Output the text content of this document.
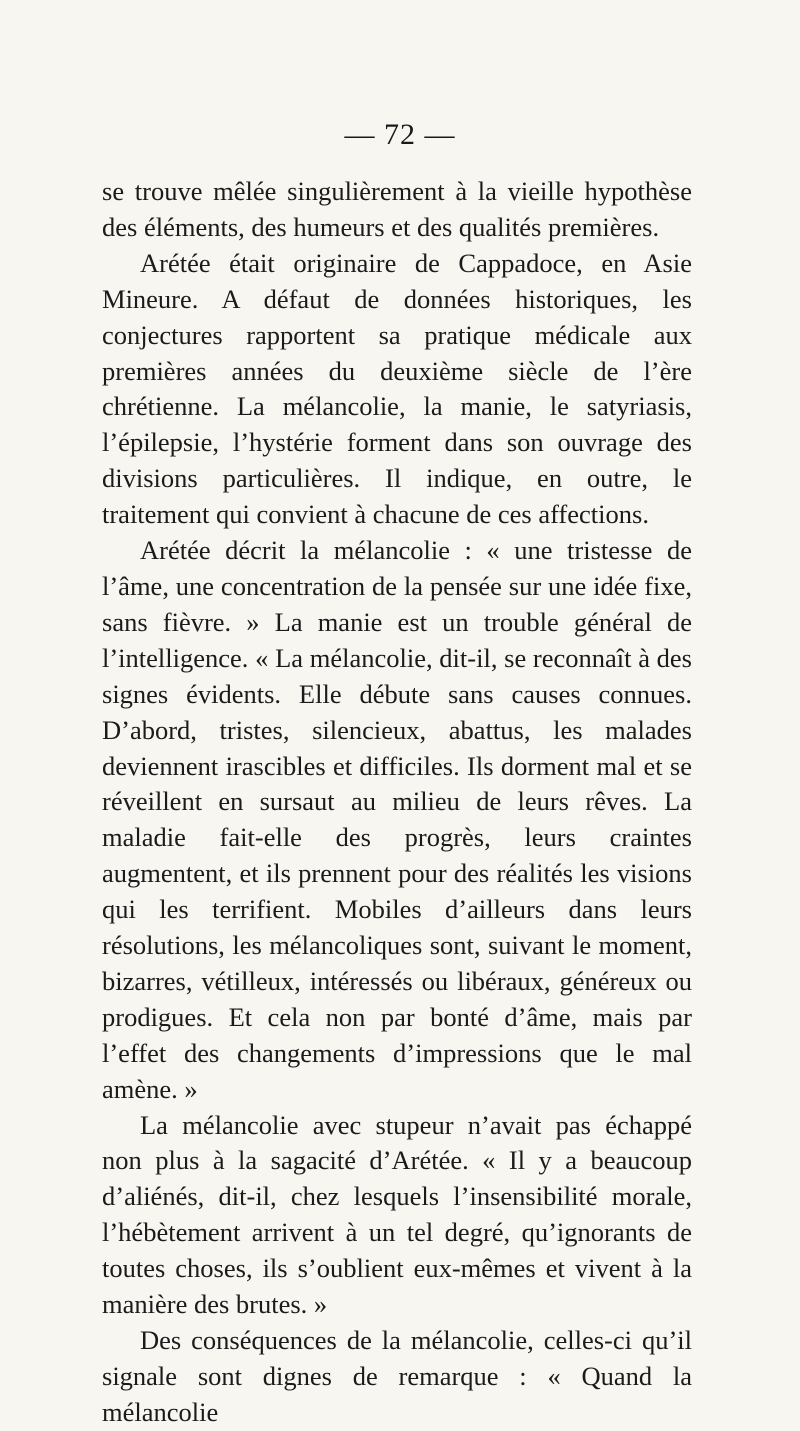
— 72 —

se trouve mêlée singulièrement à la vieille hypothèse des éléments, des humeurs et des qualités premières.

Arétée était originaire de Cappadoce, en Asie Mineure. A défaut de données historiques, les conjectures rapportent sa pratique médicale aux premières années du deuxième siècle de l’ère chrétienne. La mélancolie, la manie, le satyriasis, l’épilepsie, l’hystérie forment dans son ouvrage des divisions particulières. Il indique, en outre, le traitement qui convient à chacune de ces affections.

Arétée décrit la mélancolie : « une tristesse de l’âme, une concentration de la pensée sur une idée fixe, sans fièvre. » La manie est un trouble général de l’intelligence. « La mélancolie, dit-il, se reconnaît à des signes évidents. Elle débute sans causes connues. D’abord, tristes, silencieux, abattus, les malades deviennent irascibles et difficiles. Ils dorment mal et se réveillent en sursaut au milieu de leurs rêves. La maladie fait-elle des progrès, leurs craintes augmentent, et ils prennent pour des réalités les visions qui les terrifient. Mobiles d’ailleurs dans leurs résolutions, les mélancoliques sont, suivant le moment, bizarres, vétilleux, intéressés ou libéraux, généreux ou prodigues. Et cela non par bonté d’âme, mais par l’effet des changements d’impressions que le mal amène. »

La mélancolie avec stupeur n’avait pas échappé non plus à la sagacité d’Arétée. « Il y a beaucoup d’aliénés, dit-il, chez lesquels l’insensibilité morale, l’hébètement arrivent à un tel degré, qu’ignorants de toutes choses, ils s’oublient eux-mêmes et vivent à la manière des brutes. »

Des conséquences de la mélancolie, celles-ci qu’il signale sont dignes de remarque : « Quand la mélancolie
